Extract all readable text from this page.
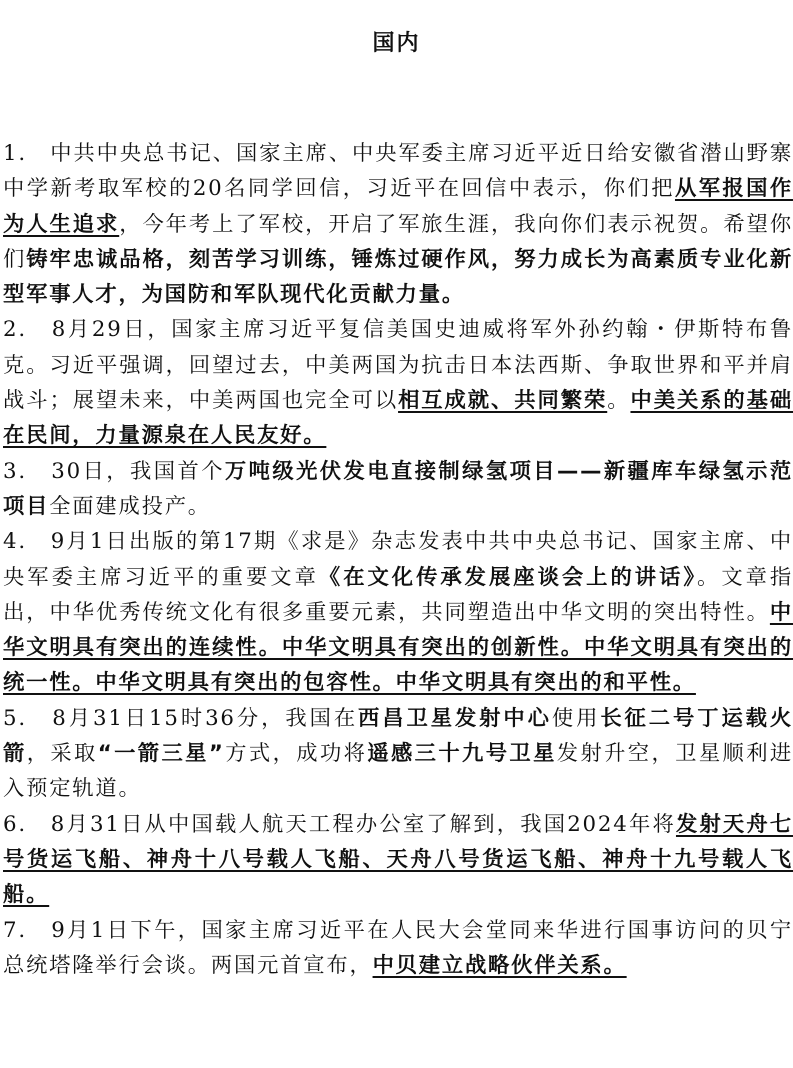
国内

1.　中共中央总书记、国家主席、中央军委主席习近平近日给安徽省潜山野寨中学新考取军校的20名同学回信，习近平在回信中表示，你们把从军报国作为人生追求，今年考上了军校，开启了军旅生涯，我向你们表示祝贺。希望你们铸牢忠诚品格，刻苦学习训练，锤炼过硬作风，努力成长为高素质专业化新型军事人才，为国防和军队现代化贡献力量。

2.　8月29日，国家主席习近平复信美国史迪威将军外孙约翰・伊斯特布鲁克。习近平强调，回望过去，中美两国为抗击日本法西斯、争取世界和平并肩战斗；展望未来，中美两国也完全可以相互成就、共同繁荣。中美关系的基础在民间，力量源泉在人民友好。

3.　30日，我国首个万吨级光伏发电直接制绿氢项目——新疆库车绿氢示范项目全面建成投产。

4.　9月1日出版的第17期《求是》杂志发表中共中央总书记、国家主席、中央军委主席习近平的重要文章《在文化传承发展座谈会上的讲话》。文章指出，中华优秀传统文化有很多重要元素，共同塑造出中华文明的突出特性。中华文明具有突出的连续性。中华文明具有突出的创新性。中华文明具有突出的统一性。中华文明具有突出的包容性。中华文明具有突出的和平性。

5.　8月31日15时36分，我国在西昌卫星发射中心使用长征二号丁运载火箭，采取“一箭三星”方式，成功将遥感三十九号卫星发射升空，卫星顺利进入预定轨道。

6.　8月31日从中国载人航天工程办公室了解到，我国2024年将发射天舟七号货运飞船、神舟十八号载人飞船、天舟八号货运飞船、神舟十九号载人飞船。

7.　9月1日下午，国家主席习近平在人民大会堂同来华进行国事访问的贝宁总统塔隆举行会谈。两国元首宣布，中贝建立战略伙伴关系。
